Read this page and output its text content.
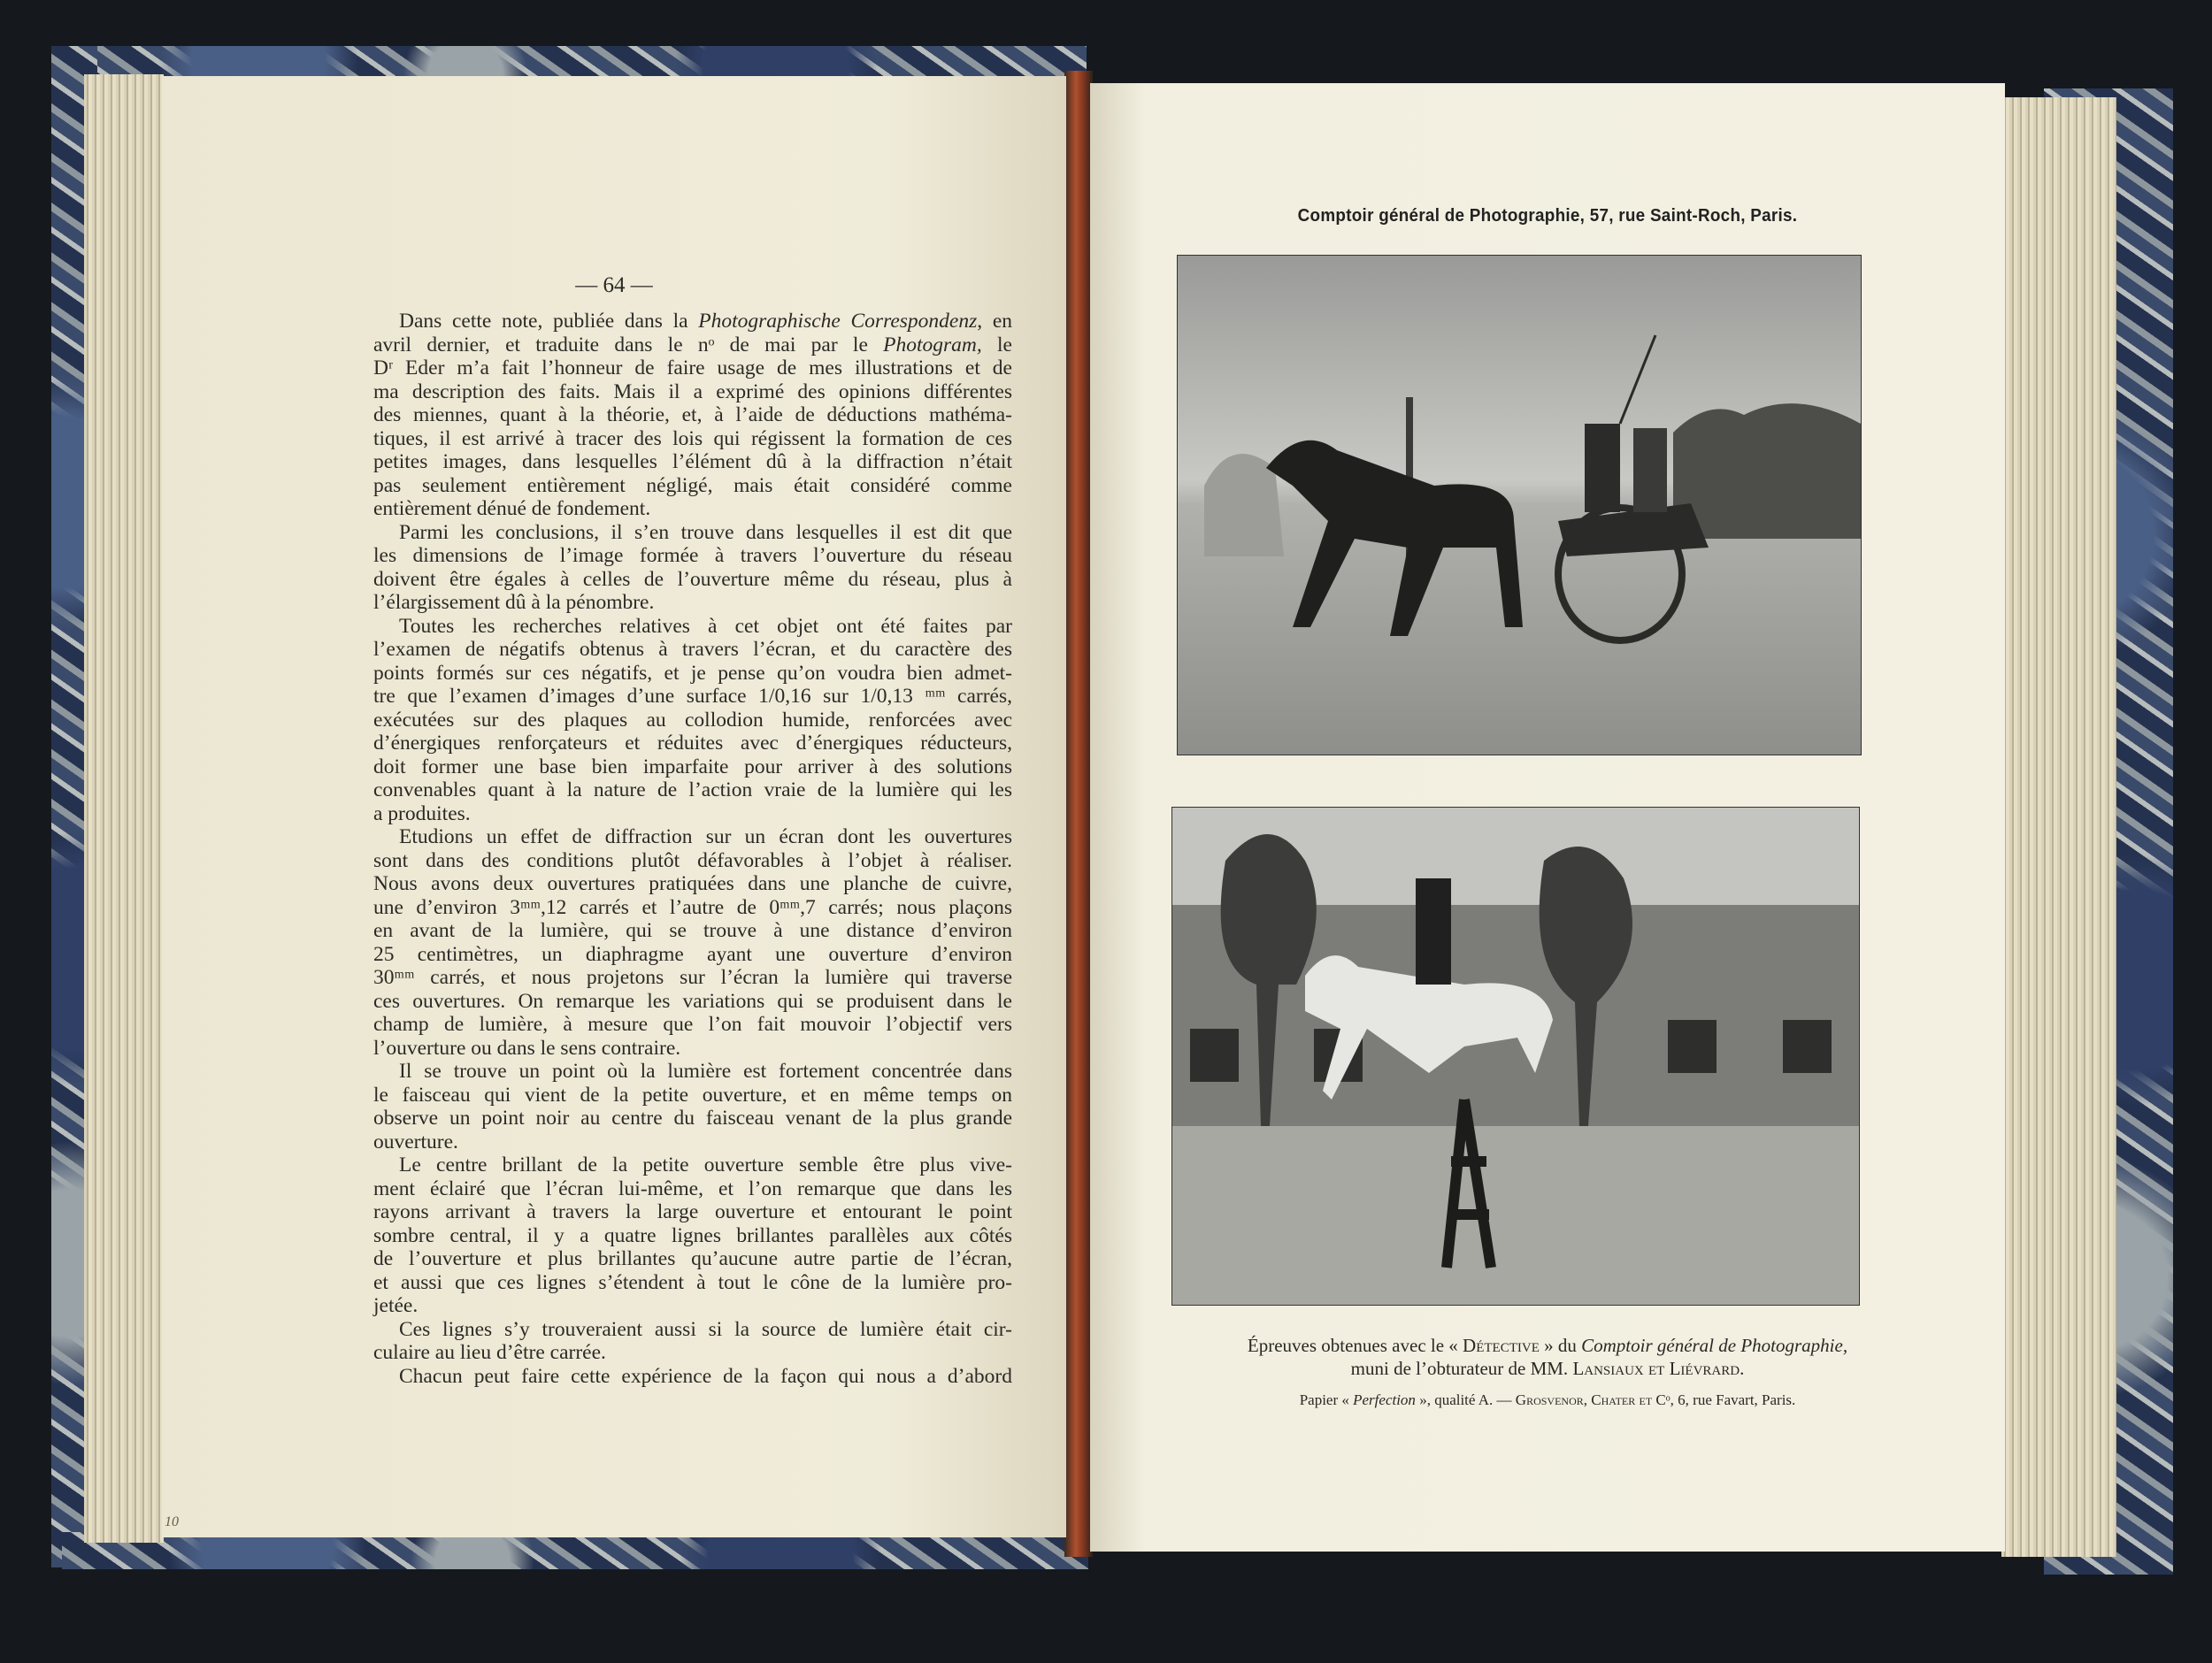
— 64 —
Dans cette note, publiée dans la Photographische Correspondenz, en
avril dernier, et traduite dans le nᵒ de mai par le Photogram, le
Dʳ Eder m’a fait l’honneur de faire usage de mes illustrations et de
ma description des faits. Mais il a exprimé des opinions différentes
des miennes, quant à la théorie, et, à l’aide de déductions mathéma-
tiques, il est arrivé à tracer des lois qui régissent la formation de ces
petites images, dans lesquelles l’élément dû à la diffraction n’était
pas seulement entièrement négligé, mais était considéré comme
entièrement dénué de fondement.
Parmi les conclusions, il s’en trouve dans lesquelles il est dit que
les dimensions de l’image formée à travers l’ouverture du réseau
doivent être égales à celles de l’ouverture même du réseau, plus à
l’élargissement dû à la pénombre.
Toutes les recherches relatives à cet objet ont été faites par
l’examen de négatifs obtenus à travers l’écran, et du caractère des
points formés sur ces négatifs, et je pense qu’on voudra bien admet-
tre que l’examen d’images d’une surface 1/0,16 sur 1/0,13 ᵐᵐ carrés,
exécutées sur des plaques au collodion humide, renforcées avec
d’énergiques renforçateurs et réduites avec d’énergiques réducteurs,
doit former une base bien imparfaite pour arriver à des solutions
convenables quant à la nature de l’action vraie de la lumière qui les
a produites.
Etudions un effet de diffraction sur un écran dont les ouvertures
sont dans des conditions plutôt défavorables à l’objet à réaliser.
Nous avons deux ouvertures pratiquées dans une planche de cuivre,
une d’environ 3ᵐᵐ,12 carrés et l’autre de 0ᵐᵐ,7 carrés; nous plaçons
en avant de la lumière, qui se trouve à une distance d’environ
25 centimètres, un diaphragme ayant une ouverture d’environ
30ᵐᵐ carrés, et nous projetons sur l’écran la lumière qui traverse
ces ouvertures. On remarque les variations qui se produisent dans le
champ de lumière, à mesure que l’on fait mouvoir l’objectif vers
l’ouverture ou dans le sens contraire.
Il se trouve un point où la lumière est fortement concentrée dans
le faisceau qui vient de la petite ouverture, et en même temps on
observe un point noir au centre du faisceau venant de la plus grande
ouverture.
Le centre brillant de la petite ouverture semble être plus vive-
ment éclairé que l’écran lui-même, et l’on remarque que dans les
rayons arrivant à travers la large ouverture et entourant le point
sombre central, il y a quatre lignes brillantes parallèles aux côtés
de l’ouverture et plus brillantes qu’aucune autre partie de l’écran,
et aussi que ces lignes s’étendent à tout le cône de la lumière pro-
jetée.
Ces lignes s’y trouveraient aussi si la source de lumière était cir-
culaire au lieu d’être carrée.
Chacun peut faire cette expérience de la façon qui nous a d’abord
10
Comptoir général de Photographie, 57, rue Saint-Roch, Paris.
Épreuves obtenues avec le « Détective » du Comptoir général de Photographie,
muni de l’obturateur de MM. Lansiaux et Liévrard.
Papier « Perfection », qualité A. — Grosvenor, Chater et Cᵒ, 6, rue Favart, Paris.
